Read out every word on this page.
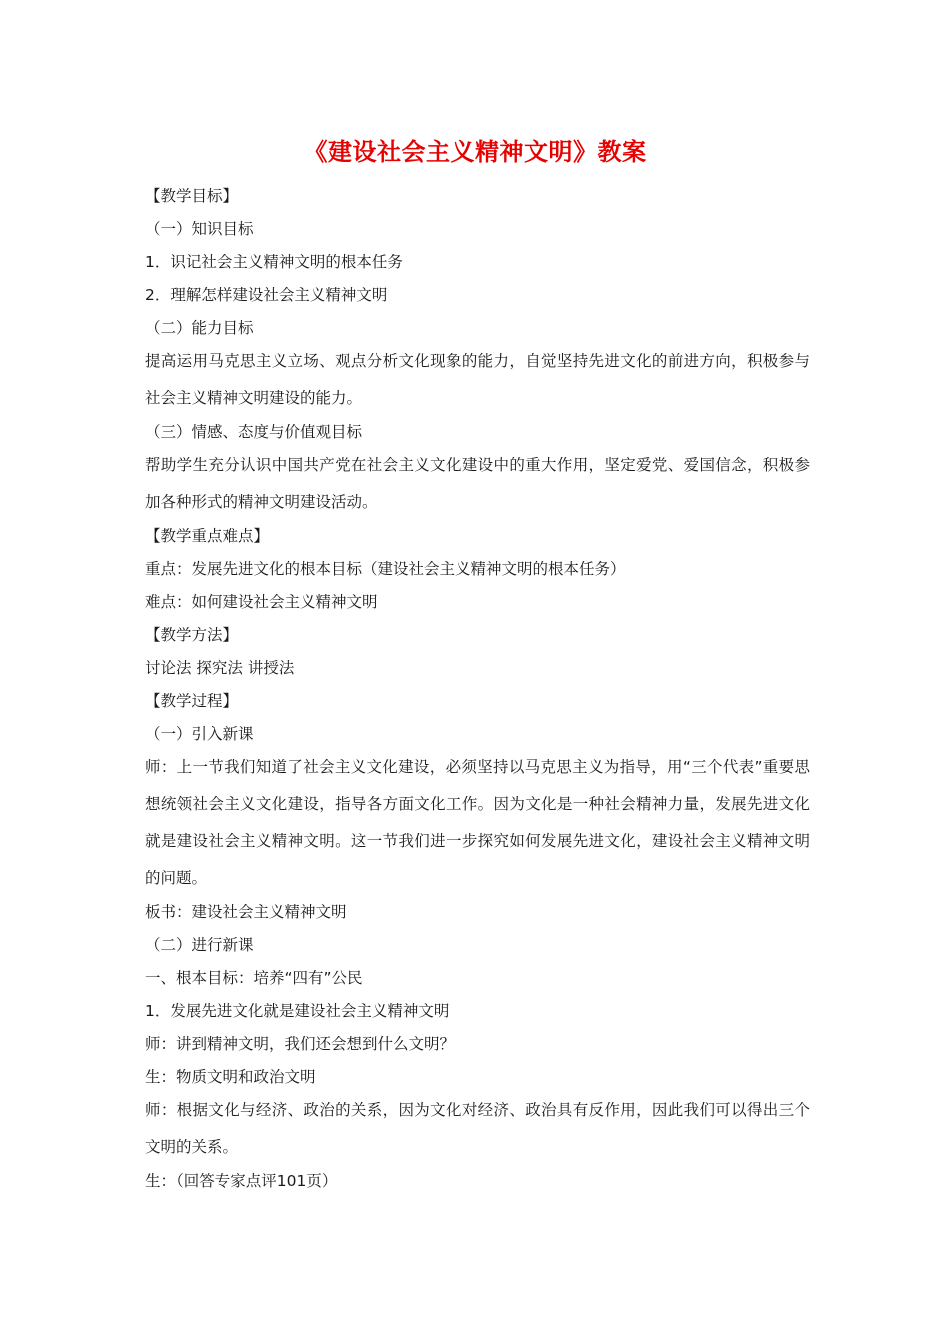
《建设社会主义精神文明》教案
【教学目标】
（一）知识目标
1．识记社会主义精神文明的根本任务
2．理解怎样建设社会主义精神文明
（二）能力目标
提高运用马克思主义立场、观点分析文化现象的能力，自觉坚持先进文化的前进方向，积极参与社会主义精神文明建设的能力。
（三）情感、态度与价值观目标
帮助学生充分认识中国共产党在社会主义文化建设中的重大作用，坚定爱党、爱国信念，积极参加各种形式的精神文明建设活动。
【教学重点难点】
重点：发展先进文化的根本目标（建设社会主义精神文明的根本任务）
难点：如何建设社会主义精神文明
【教学方法】
讨论法 探究法 讲授法
【教学过程】
（一）引入新课
师：上一节我们知道了社会主义文化建设，必须坚持以马克思主义为指导，用“三个代表”重要思想统领社会主义文化建设，指导各方面文化工作。因为文化是一种社会精神力量，发展先进文化就是建设社会主义精神文明。这一节我们进一步探究如何发展先进文化，建设社会主义精神文明的问题。
板书：建设社会主义精神文明
（二）进行新课
一、根本目标：培养“四有”公民
1．发展先进文化就是建设社会主义精神文明
师：讲到精神文明，我们还会想到什么文明？
生：物质文明和政治文明
师：根据文化与经济、政治的关系，因为文化对经济、政治具有反作用，因此我们可以得出三个文明的关系。
生：（回答专家点评101页）
